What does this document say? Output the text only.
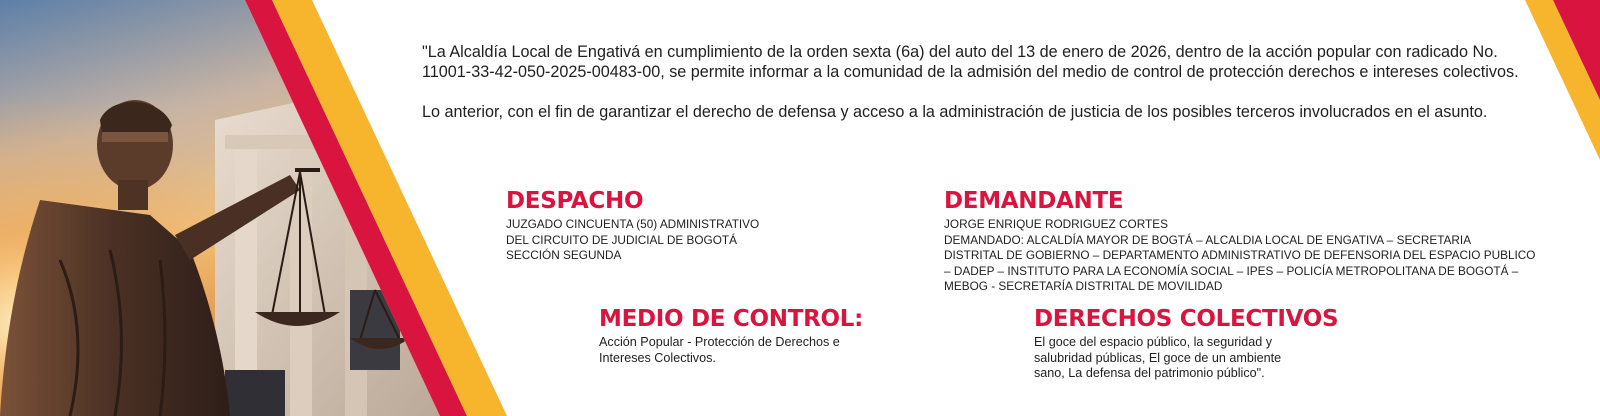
"La Alcaldía Local de Engativá en cumplimiento de la orden sexta (6a) del auto del 13 de enero de 2026, dentro de la acción popular con radicado No. 11001-33-42-050-2025-00483-00, se permite informar a la comunidad de la admisión del medio de control de protección derechos e intereses colectivos.

Lo anterior, con el fin de garantizar el derecho de defensa y acceso a la administración de justicia de los posibles terceros involucrados en el asunto.

DESPACHO
JUZGADO CINCUENTA (50) ADMINISTRATIVO
DEL CIRCUITO DE JUDICIAL DE BOGOTÁ
SECCIÓN SEGUNDA
DEMANDANTE
JORGE ENRIQUE RODRIGUEZ CORTES
DEMANDADO: ALCALDÍA MAYOR DE BOGTÁ – ALCALDIA LOCAL DE ENGATIVA – SECRETARIA
DISTRITAL DE GOBIERNO – DEPARTAMENTO ADMINISTRATIVO DE DEFENSORIA DEL ESPACIO PUBLICO
– DADEP – INSTITUTO PARA LA ECONOMÍA SOCIAL – IPES – POLICÍA METROPOLITANA DE BOGOTÁ –
MEBOG - SECRETARÍA DISTRITAL DE MOVILIDAD
MEDIO DE CONTROL:
Acción Popular - Protección de Derechos e
Intereses Colectivos.
DERECHOS COLECTIVOS
El goce del espacio público, la seguridad y
salubridad públicas, El goce de un ambiente
sano, La defensa del patrimonio público".
